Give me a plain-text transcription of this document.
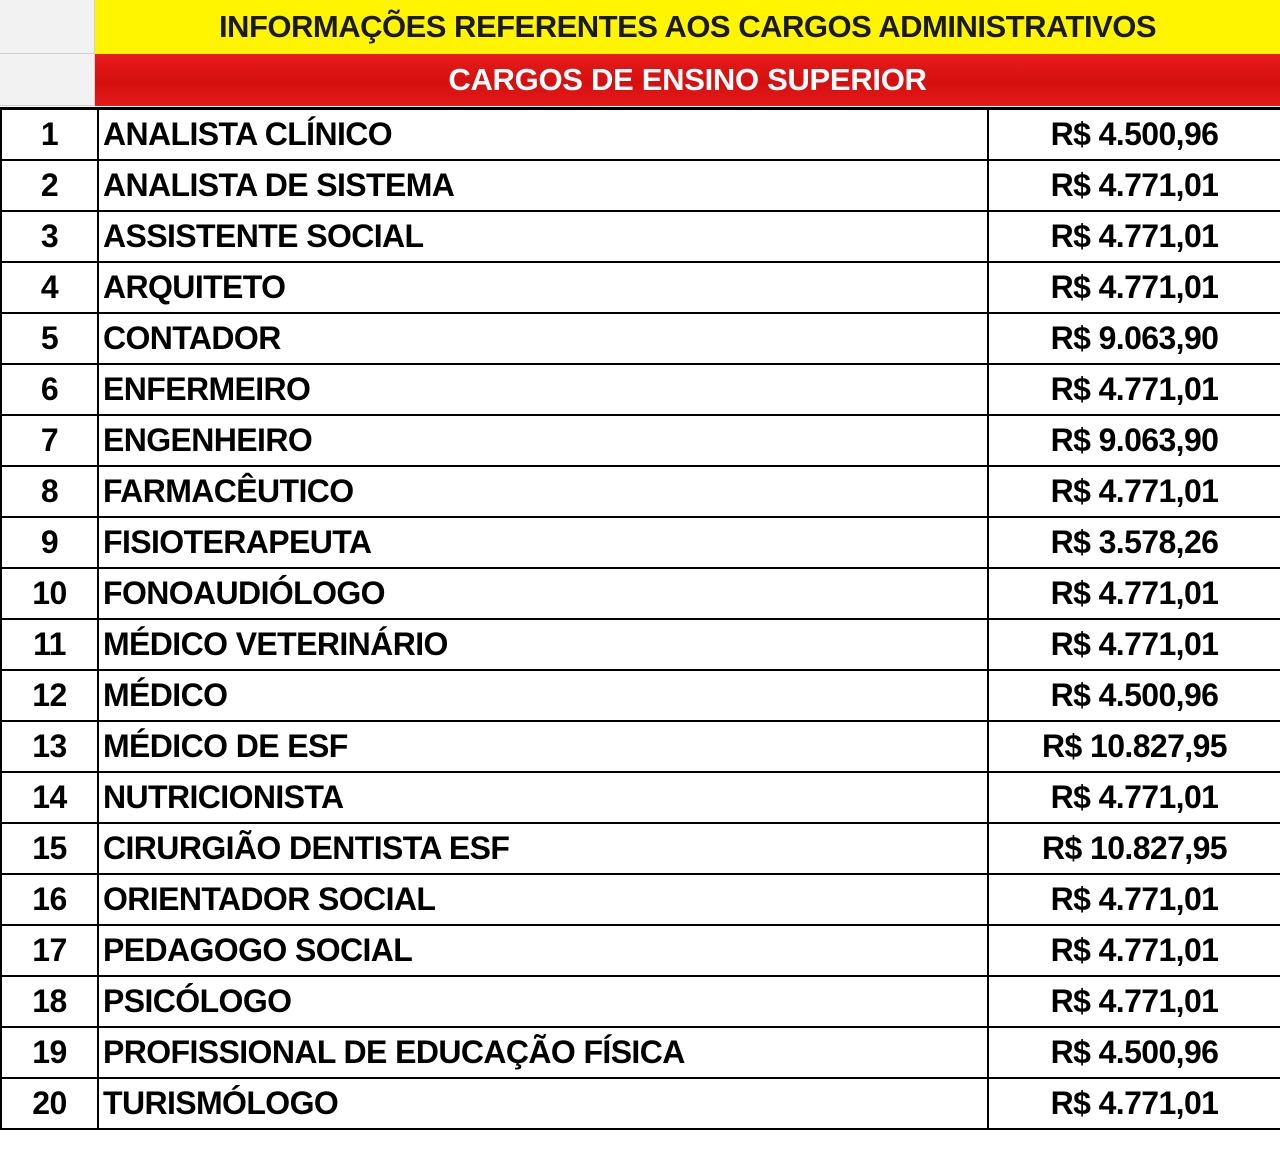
INFORMAÇÕES REFERENTES AOS CARGOS ADMINISTRATIVOS
CARGOS DE ENSINO SUPERIOR
1	ANALISTA CLÍNICO	R$ 4.500,96
2	ANALISTA DE SISTEMA	R$ 4.771,01
3	ASSISTENTE SOCIAL	R$ 4.771,01
4	ARQUITETO	R$ 4.771,01
5	CONTADOR	R$ 9.063,90
6	ENFERMEIRO	R$ 4.771,01
7	ENGENHEIRO	R$ 9.063,90
8	FARMACÊUTICO	R$ 4.771,01
9	FISIOTERAPEUTA	R$ 3.578,26
10	FONOAUDIÓLOGO	R$ 4.771,01
11	MÉDICO VETERINÁRIO	R$ 4.771,01
12	MÉDICO	R$ 4.500,96
13	MÉDICO DE ESF	R$ 10.827,95
14	NUTRICIONISTA	R$ 4.771,01
15	CIRURGIÃO DENTISTA ESF	R$ 10.827,95
16	ORIENTADOR SOCIAL	R$ 4.771,01
17	PEDAGOGO SOCIAL	R$ 4.771,01
18	PSICÓLOGO	R$ 4.771,01
19	PROFISSIONAL DE EDUCAÇÃO FÍSICA	R$ 4.500,96
20	TURISMÓLOGO	R$ 4.771,01
